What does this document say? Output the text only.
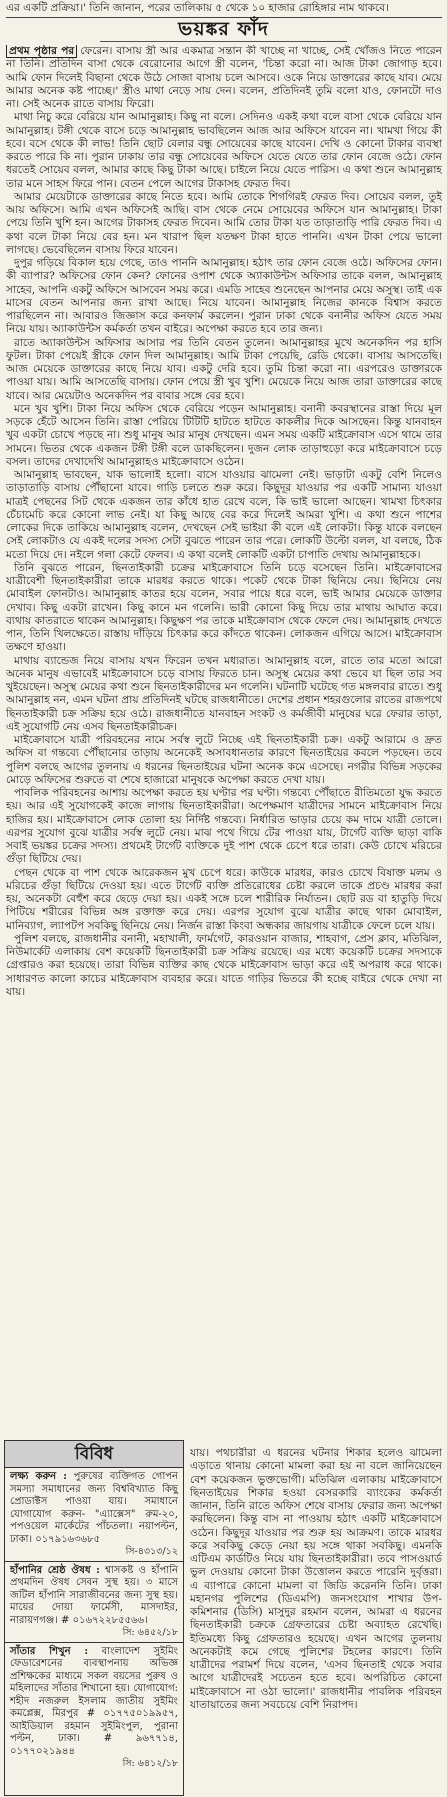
এর একটি প্রক্রিয়া।' তিনি জানান, পরের তালিকায় ৫ থেকে ১০ হাজার রোহিঙ্গার নাম থাকবে।
ভয়ঙ্কর ফাঁদ

প্রথম পৃষ্ঠার পর ফেরেন। বাসায় স্ত্রী আর একমাত্র সন্তান কী খাচ্ছে না খাচ্ছে, সেই খোঁজও নিতে পারেন না তিনি। প্রতিদিন বাসা থেকে বেরোনোর আগে স্ত্রী বলেন, 'চিন্তা করো না। আজ টাকা জোগাড় হবে। আমি ফোন দিলেই বিছানা থেকে উঠে সোজা বাসায় চলে আসবে। ওকে নিয়ে ডাক্তারের কাছে যাব। মেয়ে আমার অনেক কষ্ট পাচ্ছে।' স্ত্রীও মাথা নেড়ে সায় দেন। বলেন, প্রতিদিনই তুমি বলো যাও, ফোনটো দাও না। সেই অনেক রাতে বাসায় ফিরো।

মাথা নিচু করে বেরিয়ে যান আমানুল্লাহ। কিছু না বলে। সেদিনও একই কথা বলে বাসা থেকে বেরিয়ে যান আমানুল্লাহ। টঙ্গী থেকে বাসে চড়ে আমানুল্লাহ ভাবছিলেন আজ আর অফিসে যাবেন না। খামখা গিয়ে কী হবে। বসে থেকে কী লাভ! তিনি ছোট বেলার বন্ধু সোয়েবের কাছে যাবেন। দেখি ও কোনো টাকার ব্যবস্থা করতে পারে কি না। পুরান ঢাকায় তার বন্ধু সোয়েবের অফিসে যেতে যেতে তার ফোন বেজে ওঠে। ফোন ধরতেই সোয়েব বলল, আমার কাছে কিছু টাকা আছে। চাইলে নিয়ে যেতে পারিস। এ কথা শুনে আমানুল্লাহ তার মনে সাহস ফিরে পান। বেতন পেলে আগের টাকাসহ ফেরত দিব।

আমার মেয়েটাকে ডাক্তারের কাছে নিতে হবে। আমি তোকে শিগগিরই ফেরত দিব। সোয়েব বলল, তুই আয় অফিসে। আমি এখন অফিসেই আছি। বাস থেকে নেমে সোয়েবের অফিসে যান আমানুল্লাহ। টাকা পেয়ে তিনি খুশি হন। আগের টাকাসহ ফেরত দিবেন। আমি তোর টাকা যত তাড়াতাড়ি পারি ফেরত দিব। এ কথা বলে টাকা নিয়ে বের হন। মন খারাপ ছিল যতক্ষণ টাকা হাতে পাননি। এখন টাকা পেয়ে ভালো লাগছে। ভেবেছিলেন বাসায় ফিরে যাবেন।

দুপুর গড়িয়ে বিকাল হয়ে গেছে, তাও পাননি আমানুল্লাহ। হঠাৎ তার ফোন বেজে ওঠে। অফিসের ফোন। কী ব্যাপার? অফিসের ফোন কেন? ফোনের ওপাশ থেকে অ্যাকাউন্টস অফিসার তাকে বলল, আমানুল্লাহ সাহেব, আপনি একটু অফিসে আসবেন সময় করে। এমডি সাহেব শুনেছেন আপনার মেয়ে অসুস্থ। তাই এক মাসের বেতন আপনার জন্য রাখা আছে। নিয়ে যাবেন। আমানুল্লাহ নিজের কানকে বিশ্বাস করতে পারছিলেন না। আবারও জিজ্ঞাস করে কনফার্ম করলেন। পুরান ঢাকা থেকে বনানীর অফিস যেতে সময় নিয়ে যায়। অ্যাকাউন্টস কর্মকর্তা তখন বাইরে। অপেক্ষা করতে হবে তার জন্য।

রাতে অ্যাকাউন্টস অফিসার আসার পর তিনি বেতন তুলেন। আমানুল্লাহর মুখে অনেকদিন পর হাসি ফুটল। টাকা পেয়েই স্ত্রীকে ফোন দিল আমানুল্লাহ। আমি টাকা পেয়েছি, রেডি থেকো। বাসায় আসতেছি। আজ মেয়েকে ডাক্তারের কাছে নিয়ে যাব। একটু দেরি হবে। তুমি চিন্তা করো না। এরপরেও ডাক্তারকে পাওয়া যায়। আমি আসতেছি বাসায়। ফোন পেয়ে স্ত্রী খুব খুশি। মেয়েকে নিয়ে আজ তারা ডাক্তারের কাছে যাবে। আর মেয়েটাও অনেকদিন পর বাবার সঙ্গে বের হবে।

মনে খুব খুশি। টাকা নিয়ে অফিস থেকে বেরিয়ে পড়েন আমানুল্লাহ। বনানী কবরস্থানের রাস্তা দিয়ে মূল সড়কে হেঁটে আসেন তিনি। রাস্তা পেরিয়ে টিটিটি হাটতে হাটতে কাকলীর দিকে আসছেন। কিন্তু যানবাহন খুব একটা চোখে পড়ছে না। শুধু মানুষ আর মানুষ দেখছেন। এমন সময় একটি মাইক্রোবাস এসে থামে তার সামনে। ভিতর থেকে একজন টঙ্গী টঙ্গী বলে ডাকছিলেন। দুজন লোক তাড়াহুড়ো করে মাইক্রোবাসে চড়ে বসল। তাদের দেখাদেখি আমানুল্লাহও মাইক্রোবাসে ওঠেন।

আমানুল্লাহ ভাবছেন, যাক ভালোই হলো। বাসে যাওয়ার ঝামেলা নেই। ভাড়াটা একটু বেশি নিলেও তাড়াতাড়ি বাসায় পৌঁছানো যাবে। গাড়ি চলতে শুরু করে। কিছুদূর যাওয়ার পর একটি সামান্য যাওয়া মাত্রই পেছনের সিট থেকে একজন তার কাঁধে হাত রেখে বলে, কি ভাই ভালো আছেন। খামখা চিৎকার চেঁচামেচি করে কোনো লাভ নেই। যা কিছু আছে বের করে দিলেই আমরা খুশি। এ কথা শুনে পাশের লোকের দিকে তাকিয়ে আমানুল্লাহ বলেন, দেখছেন সেই ভাইয়া কী বলে এই লোকটা। কিন্তু যাকে বলছেন সেই লোকটাও যে একই দলের সদস্য সেটা বুঝতে পারেন তার পরে। লোকটি উল্টো বলল, যা বলছে, ঠিক মতো দিয়ে দে। নইলে গলা কেটে ফেলব। এ কথা বলেই লোকটি একটা চাপাতি দেখায় আমানুল্লাহকে।

তিনি বুঝতে পারেন, ছিনতাইকারী চক্রের মাইক্রোবাসে তিনি চড়ে বসেছেন তিনি। মাইক্রোবাসের যাত্রীবেশী ছিনতাইকারীরা তাকে মারধর করতে থাকে। পকেট থেকে টাকা ছিনিয়ে নেয়। ছিনিয়ে নেয় মোবাইল ফোনটাও। আমানুল্লাহ কাতর হয়ে বলেন, সবার পায়ে ধরে বলে, ভাই আমার মেয়েকে ডাক্তার দেখাব। কিছু একটা রাখেন। কিছু কানে মন গলেনি। ভারী কোনো কিছু দিয়ে তার মাথায় আঘাত করে। ব্যথায় কাতরাতে থাকেন আমানুল্লাহ। কিছুক্ষণ পর তাকে মাইক্রোবাস থেকে ফেলে দেয়। আমানুল্লাহ দেখতে পান, তিনি খিলক্ষেতে। রাস্তায় দাঁড়িয়ে চিৎকার করে কাঁদতে থাকেন। লোকজন এগিয়ে আসে। মাইক্রোবাস তক্ষণে হাওয়া।

মাথায় ব্যান্ডেজ নিয়ে বাসায় যখন ফিরেন তখন মধ্যরাত। আমানুল্লাহ বলে, রাতে তার মতো আরো অনেক মানুষ এভাবেই মাইক্রোবাসে চড়ে বাসায় ফিরতে চান। অসুস্থ মেয়ের কথা ভেবে যা ছিল তার সব খুইয়েছেন। অসুস্থ মেয়ের কথা শুনে ছিনতাইকারীদের মন গলেনি। ঘটনাটি ঘটেছে গত মঙ্গলবার রাতে। শুধু আমানুল্লাহ নন, এমন ঘটনা প্রায় প্রতিদিনই ঘটছে রাজধানীতে। দেশের প্রধান শহরগুলোর রাতের রাজপথে ছিনতাইকারী চক্র সক্রিয় হয়ে ওঠে। রাজধানীতে যানবাহন সংকট ও কর্মজীবী মানুষের ঘরে ফেরার তাড়া, এই সুযোগটি নেয় এসব ছিনতাইকারীচক্র।

মাইক্রোবাসে যাত্রী পরিবহনের নামে সর্বস্ব লুটে নিচ্ছে এই ছিনতাইকারী চক্র। একটু আরামে ও দ্রুত অফিস বা গন্তব্যে পৌঁছানোর তাড়ায় অনেকেই অসাবধানতার কারণে ছিনতাইয়ের কবলে পড়ছেন। তবে পুলিশ বলছে আগের তুলনায় এ ধরনের ছিনতাইয়ের ঘটনা অনেক কমে এসেছে। নগরীর বিভিন্ন সড়কের মোড়ে অফিসের শুরুতে বা শেষে হাজারো মানুষকে অপেক্ষা করতে দেখা যায়।

পাবলিক পরিবহনের আশায় অপেক্ষা করতে হয় ঘণ্টার পর ঘণ্টা। গন্তব্যে পৌঁছাতে রীতিমতো যুদ্ধ করতে হয়। আর এই সুযোগকেই কাজে লাগায় ছিনতাইকারীরা। অপেক্ষমাণ যাত্রীদের সামনে মাইক্রোবাস নিয়ে হাজির হয়। মাইক্রোবাসে লোক তোলা হয় নির্দিষ্ট গন্তব্যে। নির্ধারিত ভাড়ার চেয়ে কম দামে যাত্রী তোলে। এরপর সুযোগ বুঝে যাত্রীর সর্বস্ব লুটে নেয়। মাঝ পথে গিয়ে টের পাওয়া যায়, টার্গেট ব্যক্তি ছাড়া বাকি সবাই ভয়ঙ্কর চক্রের সদস্য। প্রথমেই টার্গেট ব্যক্তিকে দুই পাশ থেকে চেপে ধরে তারা। কেউ চোখে মরিচের গুঁড়া ছিটিয়ে দেয়।

পেছন থেকে বা পাশ থেকে আরেকজন মুখ চেপে ধরে। কাউকে মারধর, কারও চোখে বিষাক্ত মলম ও মরিচের গুঁড়া ছিটিয়ে দেওয়া হয়। এতে টার্গেট ব্যক্তি প্রতিরোধের চেষ্টা করলে তাকে প্রচণ্ড মারধর করা হয়, অনেকটা বেহুঁশ করে ছেড়ে দেয়া হয়। একই সঙ্গে চলে শারীরিক নির্যাতন। ছোট রড বা হাতুড়ি দিয়ে পিটিয়ে শরীরের বিভিন্ন অঙ্গ রক্তাক্ত করে দেয়। এরপর সুযোগ বুঝে যাত্রীর কাছে থাকা মোবাইল, মানিব্যাগ, ল্যাপটপ সবকিছু ছিনিয়ে নেয়। নির্জন রাস্তা কিংবা অন্ধকার জায়গায় যাত্রীকে ফেলে চলে যায়।

পুলিশ বলছে, রাজধানীর বনানী, মহাখালী, ফার্মগেট, কারওয়ান বাজার, শাহবাগ, প্রেস ক্লাব, মতিঝিল, নিউমার্কেট এলাকায় বেশ কয়েকটি ছিনতাইকারী চক্র সক্রিয় রয়েছে। এর মধ্যে কয়েকটি চক্রের সদস্যকে গ্রেপ্তারও করা হয়েছে। তারা বিভিন্ন ব্যক্তির কাছ থেকে মাইক্রোবাস ভাড়া করে এই অপরাধ করে থাকে। সাধারণত কালো কাচের মাইক্রোবাস ব্যবহার করে। যাতে গাড়ির ভিতরে কী হচ্ছে বাইরে থেকে দেখা না যায়।

বিবিধ
লক্ষ্য করুন : পুরুষের ব্যক্তিগত গোপন সমস্যা সমাধানের জন্য বিশ্ববিখ্যাত কিছু প্রোডাক্টস পাওয়া যায়। সমাধানে যোগাযোগ করুন- "এ্যাক্সেস" রুম-২০, পপওয়েল মার্কেটের পাঁচতলা। নয়াপল্টন, ঢাকা। ০১৭৯১৬৩৬৮৫
সি-৪৩১৩/১২
হাঁপানির শ্রেষ্ঠ ঔষধ : শ্বাসকষ্ট ও হাঁপানি প্রথমদিন ঔষধ সেবন সুস্থ হয়। ৩ মাসে জটিল হাঁপানি সারাজীবনের জন্য সুস্থ হয়। মায়ের দোয়া ফার্মেসী, মাসদাইর, নারায়ণগঞ্জ। # ০১৬৭২২৮৫৫৬৬।
সি: ৬৪৫২/১৮
সাঁতার শিখুন : বাংলাদেশ সুইমিং ফেডারেশনের ব্যবস্থাপনায় অভিজ্ঞ প্রশিক্ষকের মাধ্যমে সকল বয়সের পুরুষ ও মহিলাদের সাঁতার শিখানো হয়। যোগাযোগ: শহীদ নজরুল ইসলাম জাতীয় সুইমিং কমপ্লেক্স, মিরপুর # ০১৭৭৫০১৯৯৫৭, আইডিয়াল রহমান সুইমিংপুল, পুরানা পল্টন, ঢাকা। # ৯৬৭৭১৪, ০১৭৭০২১৯৪৪
সি: ৬৪১২/১৮
যায়। পথচারীরা এ ধরনের ঘটনার শিকার হলেও ঝামেলা এড়াতে থানায় কোনো মামলা করা হয় না বলে জানিয়েছেন বেশ কয়েকজন ভুক্তভোগী। মতিঝিল এলাকায় মাইক্রোবাসে ছিনতাইয়ের শিকার হওয়া বেসরকারি ব্যাংকের কর্মকর্তা জানান, তিনি রাতে অফিস শেষে বাসায় ফেরার জন্য অপেক্ষা করছিলেন। কিন্তু বাস না পাওয়ায় হঠাৎ একটি মাইক্রোবাসে ওঠেন। কিছুদূর যাওয়ার পর শুরু হয় আক্রমণ। তাকে মারধর করে সবকিছু কেড়ে নেয়া হয় সঙ্গে থাকা সবকিছু। এমনকি এটিএম কার্ডটিও নিয়ে যায় ছিনতাইকারীরা। তবে পাসওয়ার্ড ভুল দেওয়ায় কোনো টাকা উত্তোলন করতে পারেনি দুর্বৃত্তরা। এ ব্যাপারে কোনো মামলা বা জিডি করেননি তিনি। ঢাকা মহানগর পুলিশের (ডিএমপি) জনসংযোগ শাখার উপ-কমিশনার (ডিসি) মাসুদুর রহমান বলেন, আমরা এ ধরনের ছিনতাইকারী চক্রকে গ্রেফতারের চেষ্টা অব্যাহত রেখেছি। ইতিমধ্যে কিছু গ্রেফতারও হয়েছে। এখন আগের তুলনায় অনেকটাই কমে গেছে পুলিশের টহলের কারণে। তিনি যাত্রীদের পরামর্শ দিয়ে বলেন, 'এসব ছিনতাই থেকে সবার আগে যাত্রীদেরই সচেতন হতে হবে। অপরিচিত কোনো মাইক্রোবাসে না ওঠা ভালো।' রাজধানীর পাবলিক পরিবহন যাতায়াতের জন্য সবচেয়ে বেশি নিরাপদ।
